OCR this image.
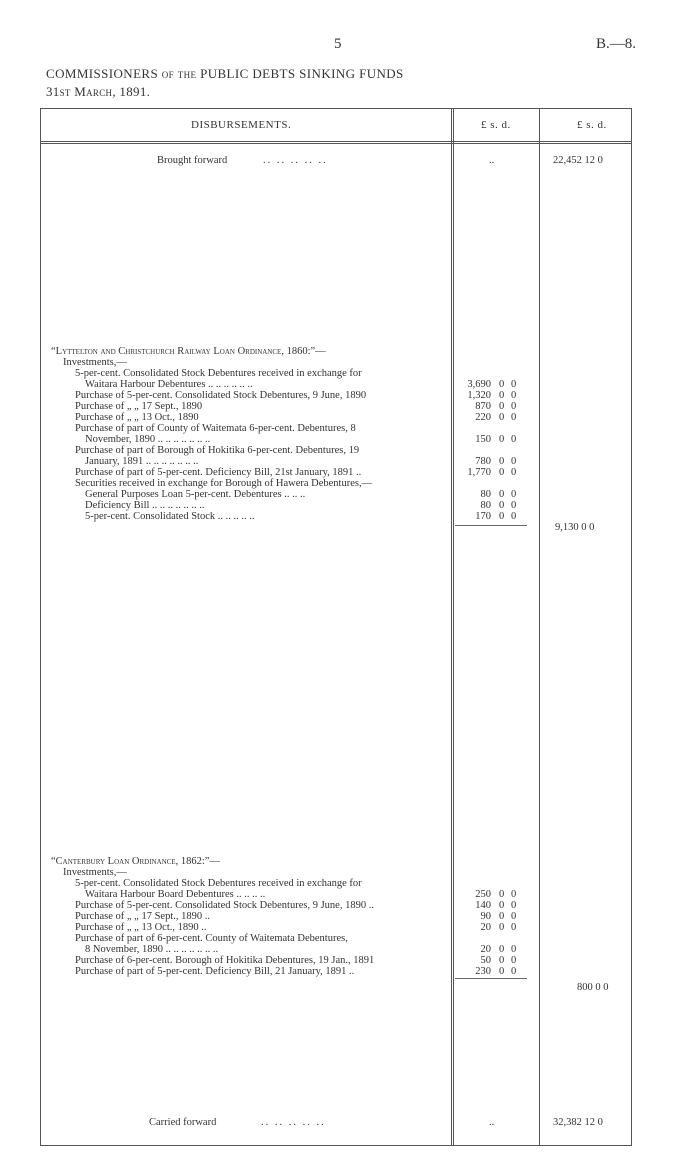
5	B.—8.
COMMISSIONERS of the PUBLIC DEBTS SINKING FUNDS
31st March, 1891.
DISBURSEMENTS.	£ s. d.	£ s. d.
Brought forward	.. .. .. .. ..	..	22,452 12 0
“Lyttelton and Christchurch Railway Loan Ordinance, 1860:”—
Investments,—
5-per-cent. Consolidated Stock Debentures received in exchange for
Waitara Harbour Debentures .. .. .. .. .. ..	3,690 0 0
Purchase of 5-per-cent. Consolidated Stock Debentures, 9 June, 1890	1,320 0 0
Purchase of „ „ 17 Sept., 1890	870 0 0
Purchase of „ „ 13 Oct., 1890	220 0 0
Purchase of part of County of Waitemata 6-per-cent. Debentures, 8
November, 1890 .. .. .. .. .. .. ..	150 0 0
Purchase of part of Borough of Hokitika 6-per-cent. Debentures, 19
January, 1891 .. .. .. .. .. .. ..	780 0 0
Purchase of part of 5-per-cent. Deficiency Bill, 21st January, 1891 ..	1,770 0 0
Securities received in exchange for Borough of Hawera Debentures,—
General Purposes Loan 5-per-cent. Debentures .. .. ..	80 0 0
Deficiency Bill .. .. .. .. .. .. ..	80 0 0
5-per-cent. Consolidated Stock .. .. .. .. ..	170 0 0
9,130 0 0
“Canterbury Loan Ordinance, 1862:”—
Investments,—
5-per-cent. Consolidated Stock Debentures received in exchange for
Waitara Harbour Board Debentures .. .. .. ..	250 0 0
Purchase of 5-per-cent. Consolidated Stock Debentures, 9 June, 1890 ..	140 0 0
Purchase of „ „ 17 Sept., 1890 ..	90 0 0
Purchase of „ „ 13 Oct., 1890 ..	20 0 0
Purchase of part of 6-per-cent. County of Waitemata Debentures,
8 November, 1890 .. .. .. .. .. .. ..	20 0 0
Purchase of 6-per-cent. Borough of Hokitika Debentures, 19 Jan., 1891	50 0 0
Purchase of part of 5-per-cent. Deficiency Bill, 21 January, 1891 ..	230 0 0
800 0 0
Carried forward	.. .. .. .. ..	..	32,382 12 0
